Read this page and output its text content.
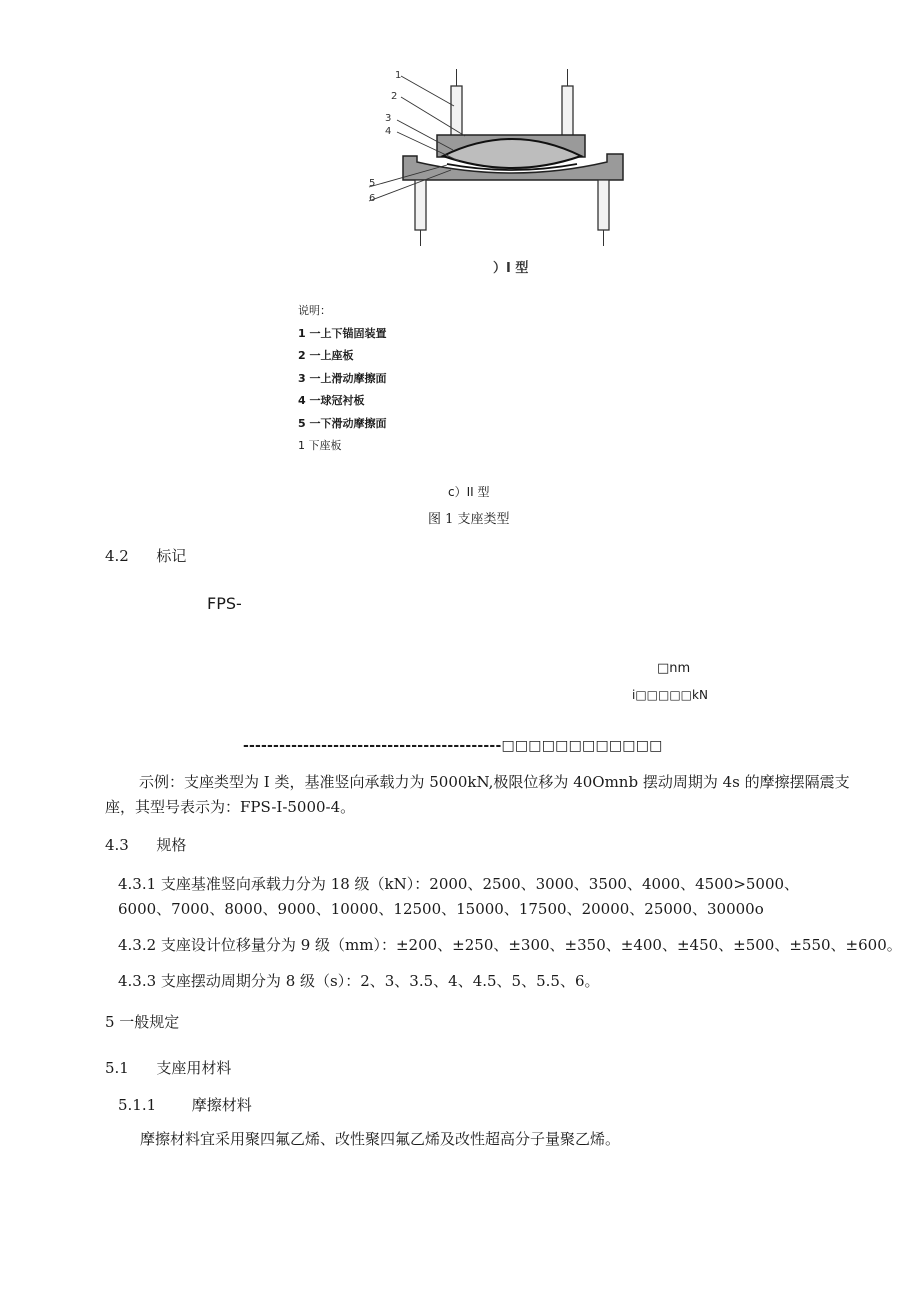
1
2
3
4
5
6
）I 型
说明：
1 一上下锚固装置
2 一上座板
3 一上滑动摩擦面
4 一球冠衬板
5 一下滑动摩擦面
1 下座板
c）II 型
图 1 支座类型
4.2 标记
FPS-
□nm
i□□□□□kN
-------------------------------------------□□□□□□□□□□□□
示例：支座类型为 I 类，基准竖向承载力为 5000kN,极限位移为 40Omnb 摆动周期为 4s 的摩擦摆隔震支座，其型号表示为：FPS-I-5000-4。
4.3 规格
4.3.1 支座基准竖向承载力分为 18 级（kN）：2000、2500、3000、3500、4000、4500>5000、6000、7000、8000、9000、10000、12500、15000、17500、20000、25000、30000o
4.3.2 支座设计位移量分为 9 级（mm）：±200、±250、±300、±350、±400、±450、±500、±550、±600。
4.3.3 支座摆动周期分为 8 级（s）：2、3、3.5、4、4.5、5、5.5、6。
5 一般规定
5.1 支座用材料
5.1.1 摩擦材料
摩擦材料宜采用聚四氟乙烯、改性聚四氟乙烯及改性超高分子量聚乙烯。
